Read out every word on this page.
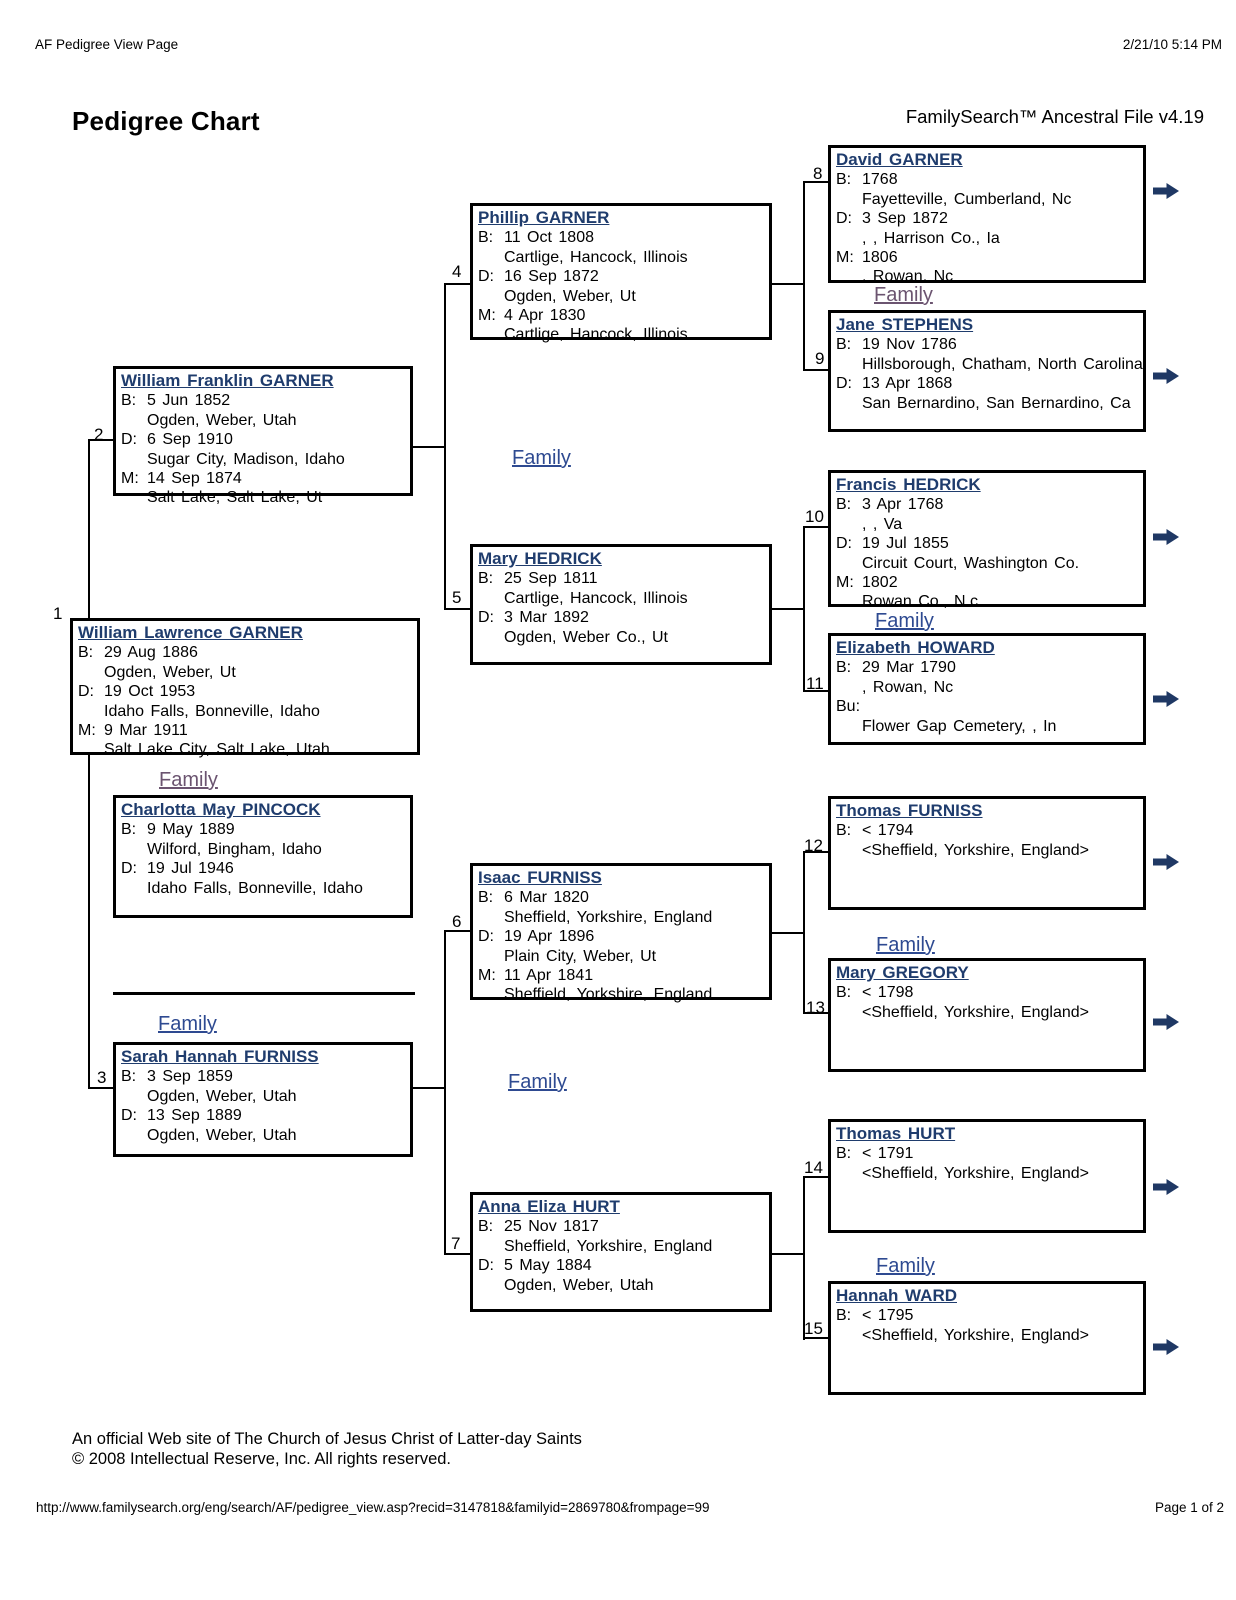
AF Pedigree View Page	2/21/10 5:14 PM
http://www.familysearch.org/eng/search/AF/pedigree_view.asp?recid=3147818&familyid=2869780&frompage=99	Page 1 of 2
Pedigree Chart	FamilySearch™ Ancestral File v4.19
1
2
3
4
5
6
7
8
9
10
11
12
13
14
15
Family
Family
Family
Family
Family
Family
Family
Family
William Franklin GARNER
B: 5 Jun 1852
Ogden, Weber, Utah
D: 6 Sep 1910
Sugar City, Madison, Idaho
M: 14 Sep 1874
Salt Lake, Salt Lake, Ut
William Lawrence GARNER
B: 29 Aug 1886
Ogden, Weber, Ut
D: 19 Oct 1953
Idaho Falls, Bonneville, Idaho
M: 9 Mar 1911
Salt Lake City, Salt Lake, Utah
Charlotta May PINCOCK
B: 9 May 1889
Wilford, Bingham, Idaho
D: 19 Jul 1946
Idaho Falls, Bonneville, Idaho
Sarah Hannah FURNISS
B: 3 Sep 1859
Ogden, Weber, Utah
D: 13 Sep 1889
Ogden, Weber, Utah
Phillip GARNER
B: 11 Oct 1808
Cartlige, Hancock, Illinois
D: 16 Sep 1872
Ogden, Weber, Ut
M: 4 Apr 1830
Cartlige, Hancock, Illinois
Mary HEDRICK
B: 25 Sep 1811
Cartlige, Hancock, Illinois
D: 3 Mar 1892
Ogden, Weber Co., Ut
Isaac FURNISS
B: 6 Mar 1820
Sheffield, Yorkshire, England
D: 19 Apr 1896
Plain City, Weber, Ut
M: 11 Apr 1841
Sheffield, Yorkshire, England
Anna Eliza HURT
B: 25 Nov 1817
Sheffield, Yorkshire, England
D: 5 May 1884
Ogden, Weber, Utah
David GARNER
B: 1768
Fayetteville, Cumberland, Nc
D: 3 Sep 1872
, , Harrison Co., Ia
M: 1806
, Rowan, Nc
Jane STEPHENS
B: 19 Nov 1786
Hillsborough, Chatham, North Carolina
D: 13 Apr 1868
San Bernardino, San Bernardino, Ca
Francis HEDRICK
B: 3 Apr 1768
, , Va
D: 19 Jul 1855
Circuit Court, Washington Co.
M: 1802
Rowan Co., N.c.
Elizabeth HOWARD
B: 29 Mar 1790
, Rowan, Nc
Bu:
Flower Gap Cemetery, , In
Thomas FURNISS
B: < 1794
<Sheffield, Yorkshire, England>
Mary GREGORY
B: < 1798
<Sheffield, Yorkshire, England>
Thomas HURT
B: < 1791
<Sheffield, Yorkshire, England>
Hannah WARD
B: < 1795
<Sheffield, Yorkshire, England>
An official Web site of The Church of Jesus Christ of Latter-day Saints
© 2008 Intellectual Reserve, Inc. All rights reserved.
